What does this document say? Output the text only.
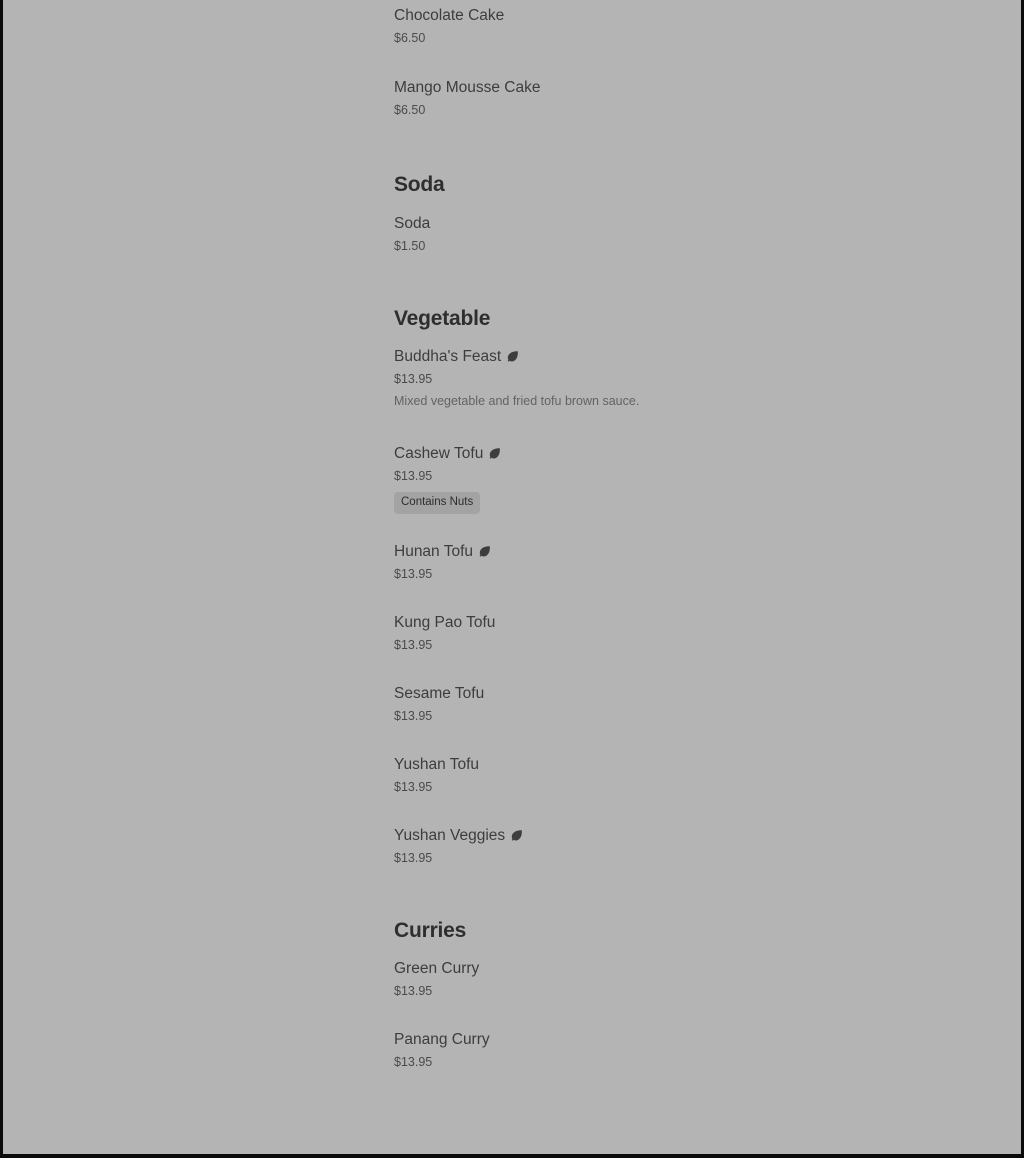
Chocolate Cake
$6.50
Mango Mousse Cake
$6.50
Soda
Soda
$1.50
Vegetable
Buddha's Feast
$13.95
Mixed vegetable and fried tofu brown sauce.
Cashew Tofu
$13.95
Contains Nuts
Hunan Tofu
$13.95
Kung Pao Tofu
$13.95
Sesame Tofu
$13.95
Yushan Tofu
$13.95
Yushan Veggies
$13.95
Curries
Green Curry
$13.95
Panang Curry
$13.95
